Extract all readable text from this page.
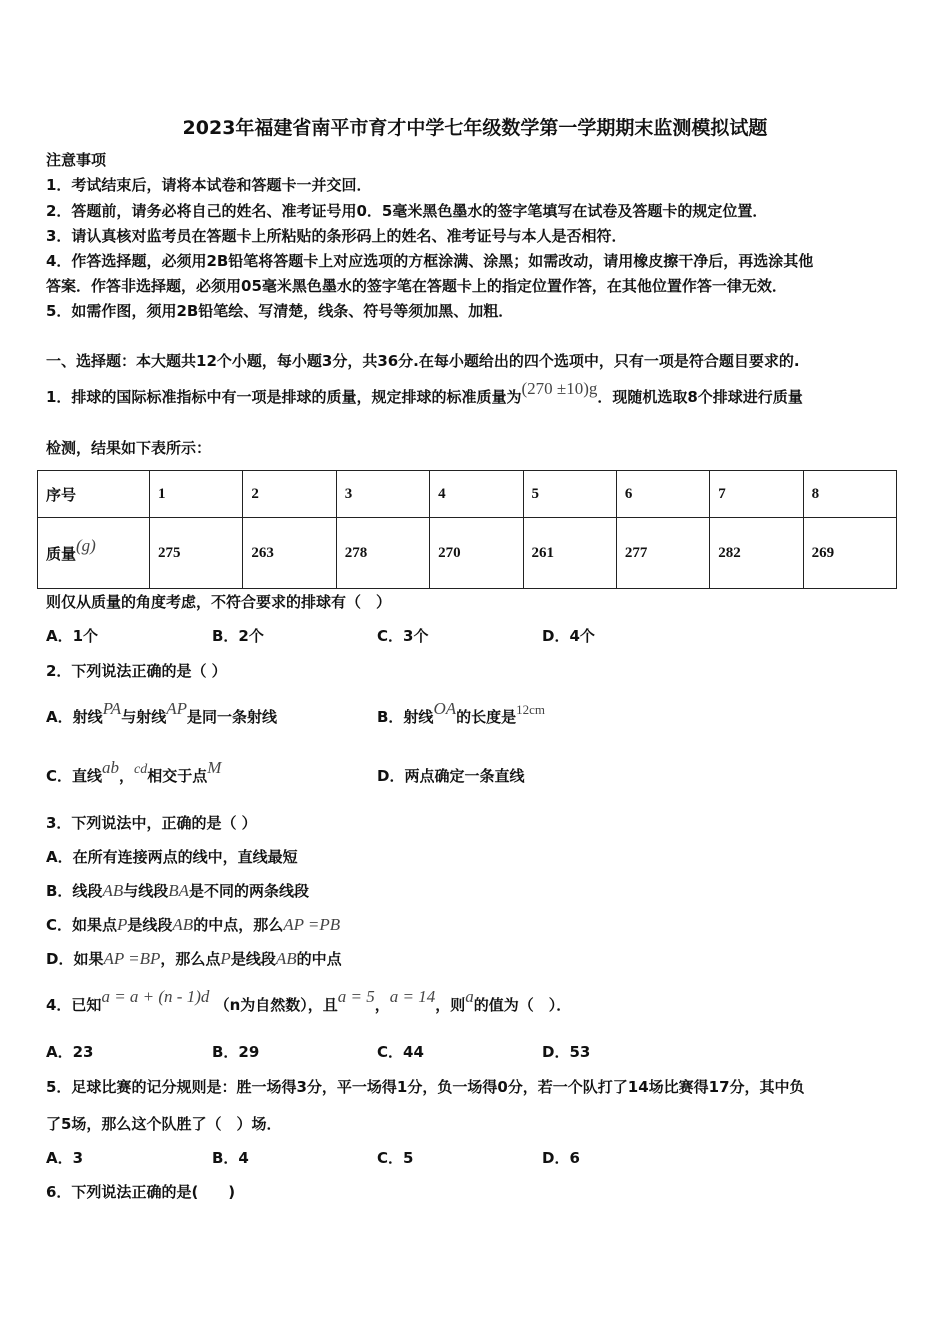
2023年福建省南平市育才中学七年级数学第一学期期末监测模拟试题
注意事项
1．考试结束后，请将本试卷和答题卡一并交回．
2．答题前，请务必将自己的姓名、准考证号用0．5毫米黑色墨水的签字笔填写在试卷及答题卡的规定位置．
3．请认真核对监考员在答题卡上所粘贴的条形码上的姓名、准考证号与本人是否相符．
4．作答选择题，必须用2B铅笔将答题卡上对应选项的方框涂满、涂黑；如需改动，请用橡皮擦干净后，再选涂其他
答案．作答非选择题，必须用05毫米黑色墨水的签字笔在答题卡上的指定位置作答，在其他位置作答一律无效．
5．如需作图，须用2B铅笔绘、写清楚，线条、符号等须加黑、加粗．
一、选择题：本大题共12个小题，每小题3分，共36分.在每小题给出的四个选项中，只有一项是符合题目要求的.
1．排球的国际标准指标中有一项是排球的质量，规定排球的标准质量为(270 ±10)g．现随机选取8个排球进行质量
检测，结果如下表所示：
序号	1	2	3	4	5	6	7	8
质量(g)	275	263	278	270	261	277	282	269
则仅从质量的角度考虑，不符合要求的排球有（　）
A．1个	B．2个	C．3个	D．4个
2．下列说法正确的是（ ）
A．射线PA与射线AP是同一条射线	B．射线OA的长度是12cm
C．直线ab，cd相交于点M	D．两点确定一条直线
3．下列说法中，正确的是（ ）
A．在所有连接两点的线中，直线最短
B．线段AB与线段BA是不同的两条线段
C．如果点P是线段AB的中点，那么AP =PB
D．如果AP =BP，那么点P是线段AB的中点
4．已知a = a + (n - 1)d （n为自然数），且a = 5，a = 14，则a的值为（　）．
A．23	B．29	C．44	D．53
5．足球比赛的记分规则是：胜一场得3分，平一场得1分，负一场得0分，若一个队打了14场比赛得17分，其中负
了5场，那么这个队胜了（　）场．
A．3	B．4	C．5	D．6
6．下列说法正确的是(　　)
